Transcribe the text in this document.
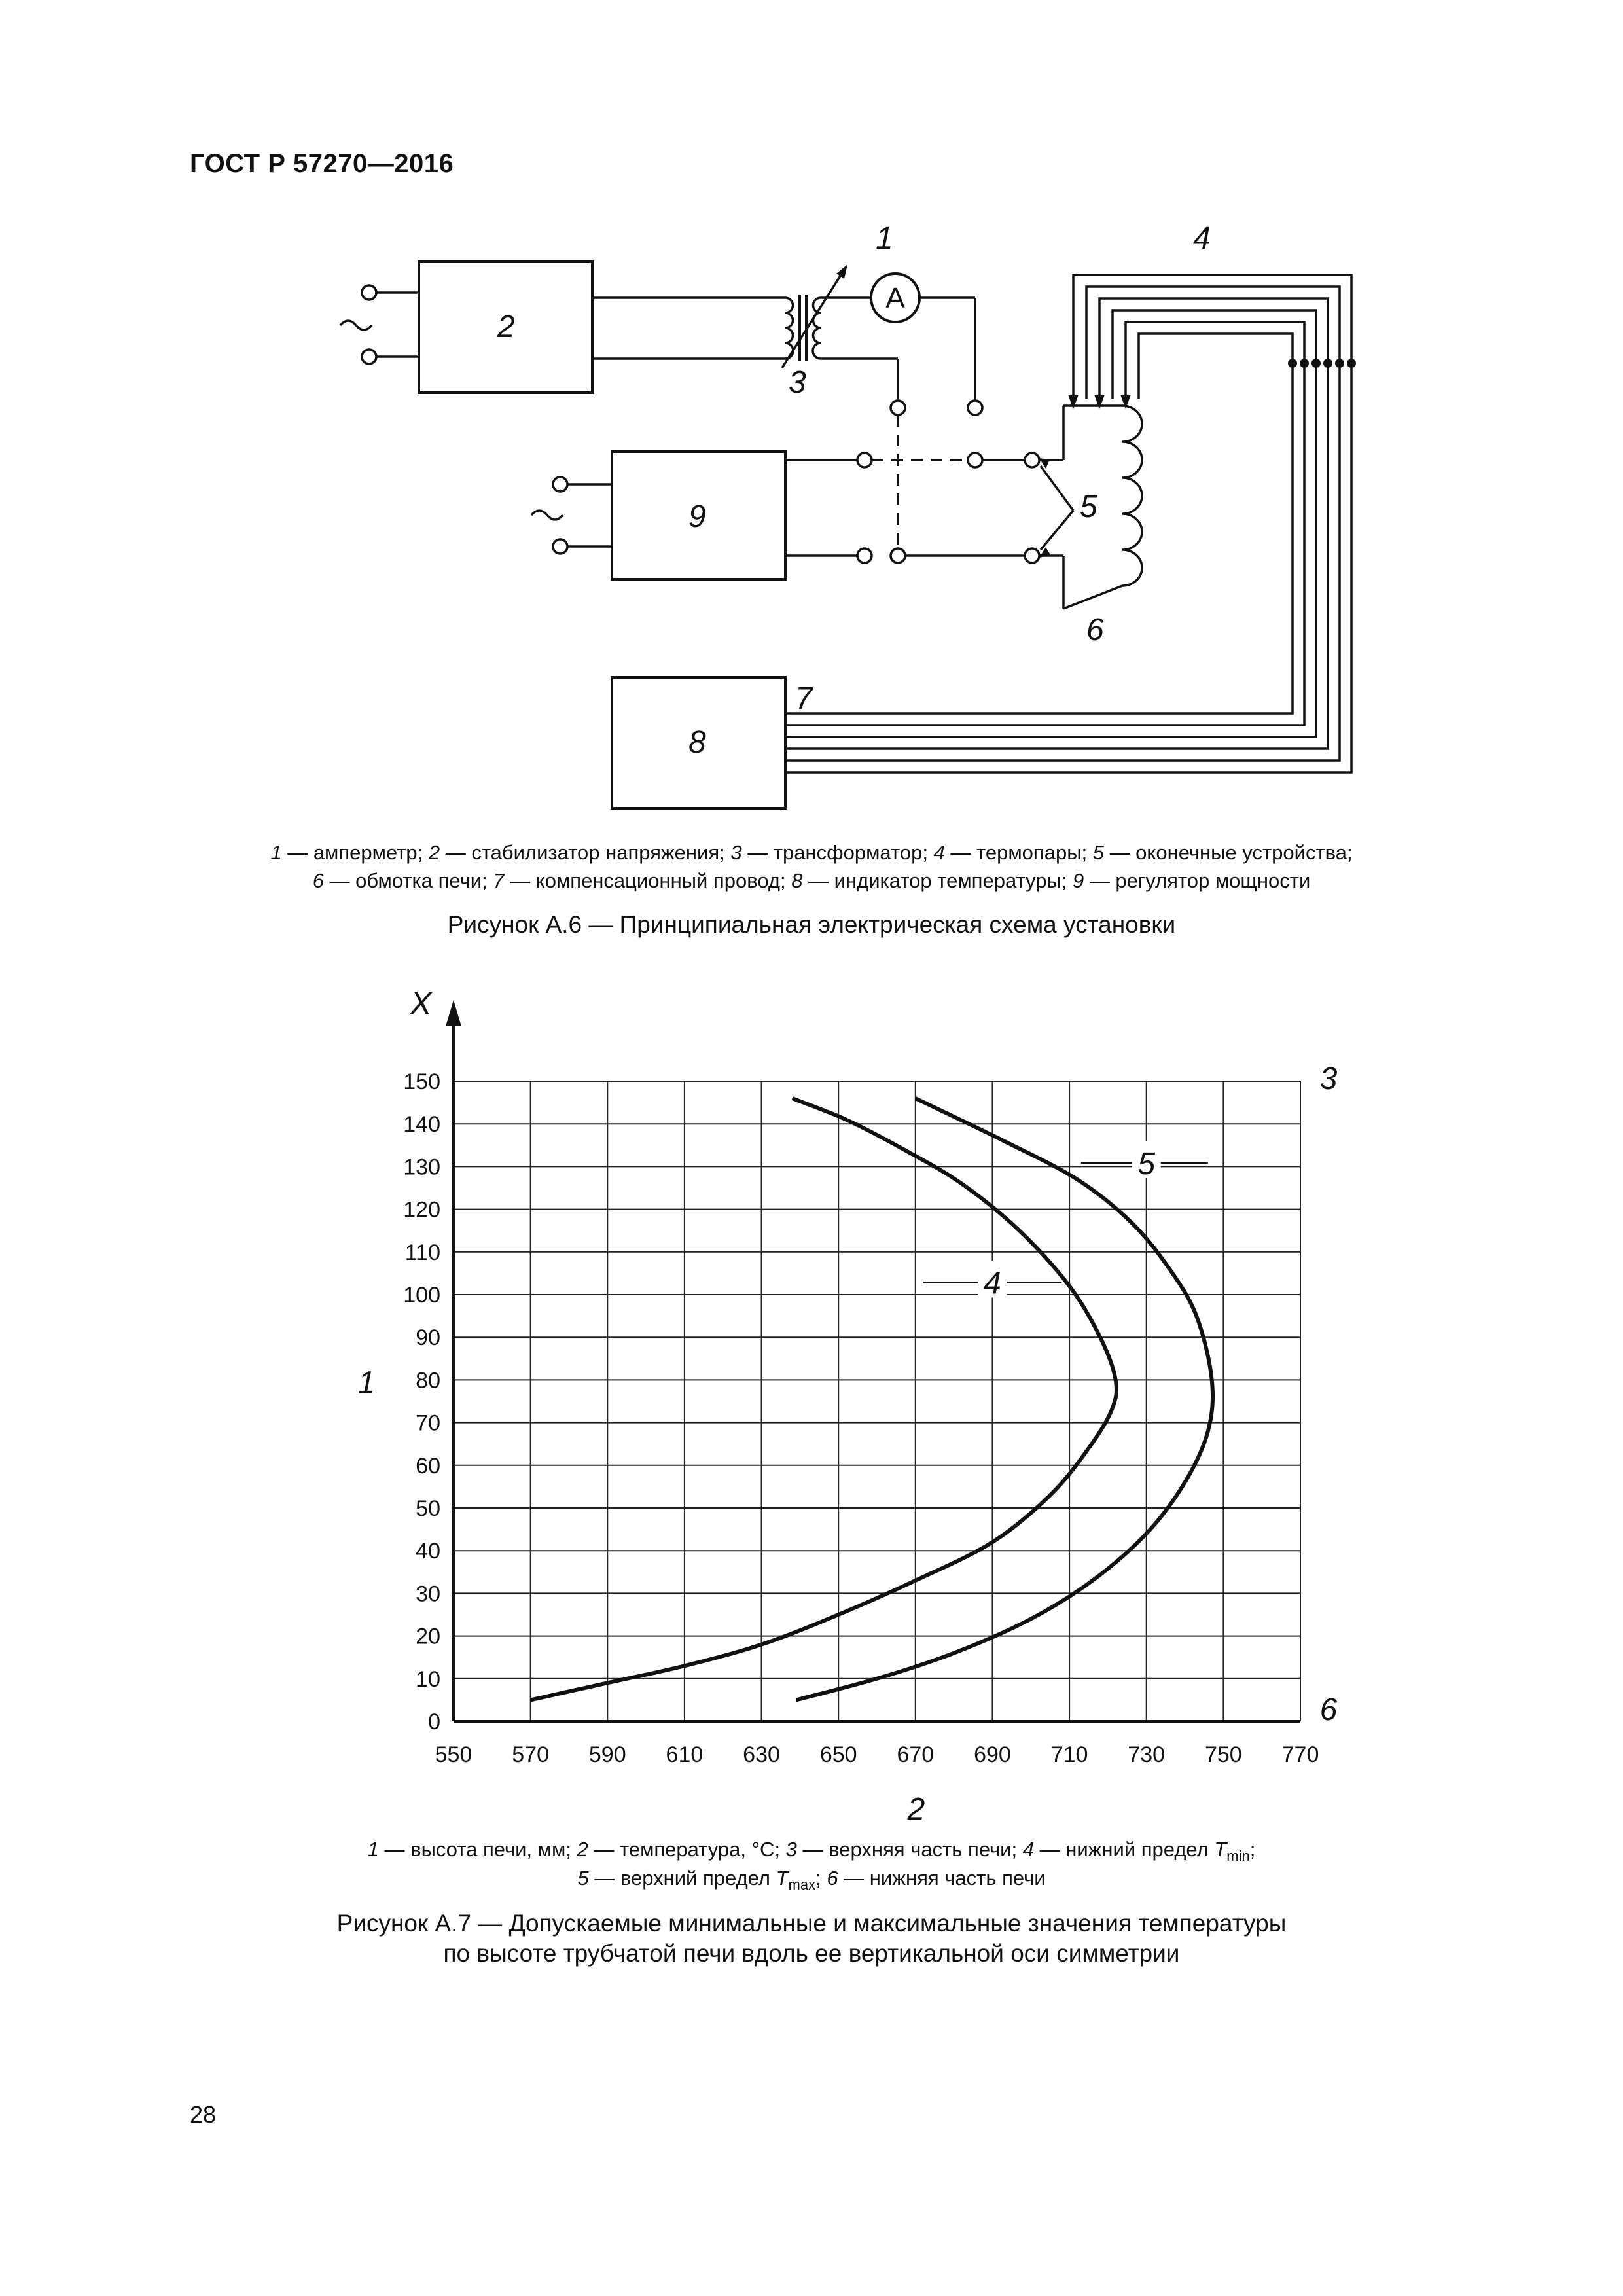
ГОСТ Р 57270—2016
A
1
2
3
4
5
6
7
8
9
1 — амперметр; 2 — стабилизатор напряжения; 3 — трансформатор; 4 — термопары; 5 — оконечные устройства;
6 — обмотка печи; 7 — компенсационный провод; 8 — индикатор температуры; 9 — регулятор мощности
Рисунок А.6 — Принципиальная электрическая схема установки
550 570 590 610 630 650 670 690 710 730 750 770
0
10
20
30
40
50
60
70
80
90
100
110
120
130
140
150
4
5
X
1
2
3
6
1 — высота печи, мм; 2 — температура, °С; 3 — верхняя часть печи; 4 — нижний предел $T_{min}$;
5 — верхний предел $T_{max}$; 6 — нижняя часть печи
Рисунок А.7 — Допускаемые минимальные и максимальные значения температуры
по высоте трубчатой печи вдоль ее вертикальной оси симметрии
28
